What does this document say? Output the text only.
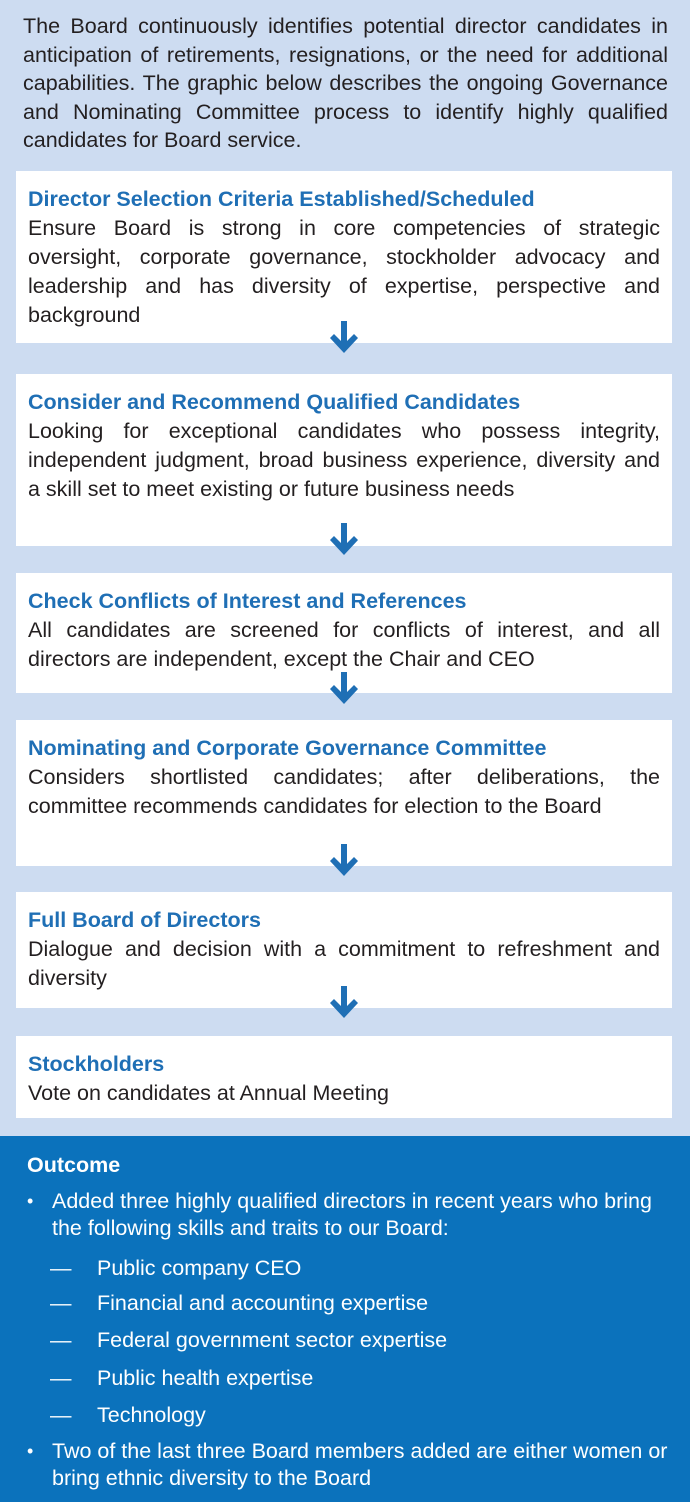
The Board continuously identifies potential director candidates in anticipation of retirements, resignations, or the need for additional capabilities. The graphic below describes the ongoing Governance and Nominating Committee process to identify highly qualified candidates for Board service.
Director Selection Criteria Established/Scheduled
Ensure Board is strong in core competencies of strategic oversight, corporate governance, stockholder advocacy and leadership and has diversity of expertise, perspective and background
Consider and Recommend Qualified Candidates
Looking for exceptional candidates who possess integrity, independent judgment, broad business experience, diversity and a skill set to meet existing or future business needs
Check Conflicts of Interest and References
All candidates are screened for conflicts of interest, and all directors are independent, except the Chair and CEO
Nominating and Corporate Governance Committee
Considers shortlisted candidates; after deliberations, the committee recommends candidates for election to the Board
Full Board of Directors
Dialogue and decision with a commitment to refreshment and diversity
Stockholders
Vote on candidates at Annual Meeting
Outcome
• Added three highly qualified directors in recent years who bring the following skills and traits to our Board:
— Public company CEO
— Financial and accounting expertise
— Federal government sector expertise
— Public health expertise
— Technology
• Two of the last three Board members added are either women or bring ethnic diversity to the Board
